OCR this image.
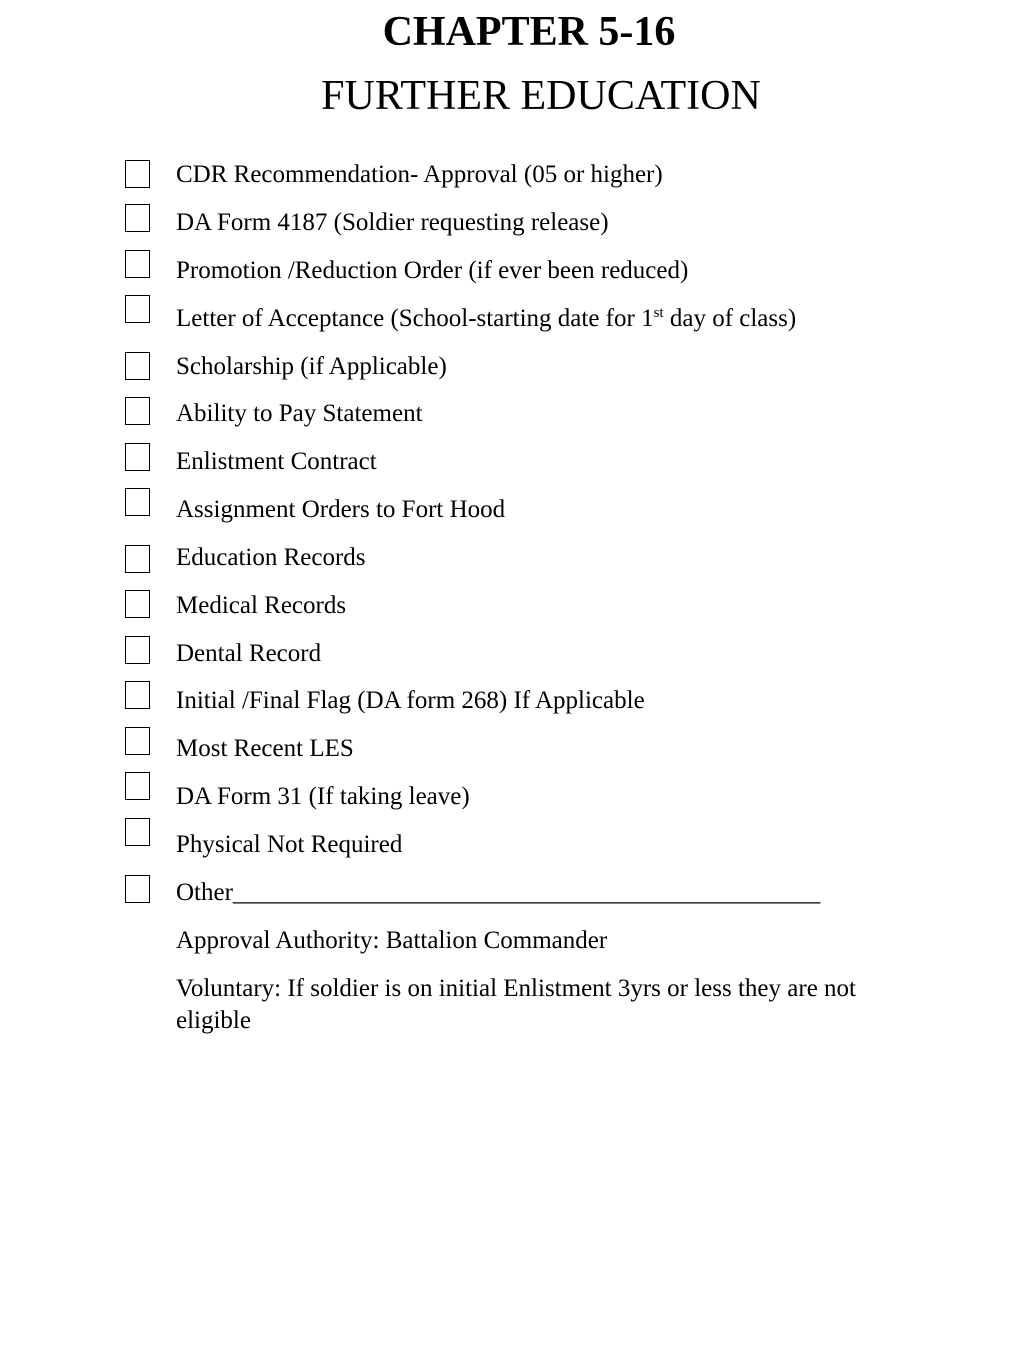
CHAPTER 5-16
FURTHER EDUCATION
CDR Recommendation- Approval (05 or higher)
DA Form 4187 (Soldier requesting release)
Promotion /Reduction Order (if ever been reduced)
Letter of Acceptance (School-starting date for 1st day of class)
Scholarship (if Applicable)
Ability to Pay Statement
Enlistment Contract
Assignment Orders to Fort Hood
Education Records
Medical Records
Dental Record
Initial /Final Flag (DA form 268) If Applicable
Most Recent LES
DA Form 31 (If taking leave)
Physical Not Required
Other_______________________________________________

Approval Authority: Battalion Commander

Voluntary: If soldier is on initial Enlistment 3yrs or less they are not eligible
